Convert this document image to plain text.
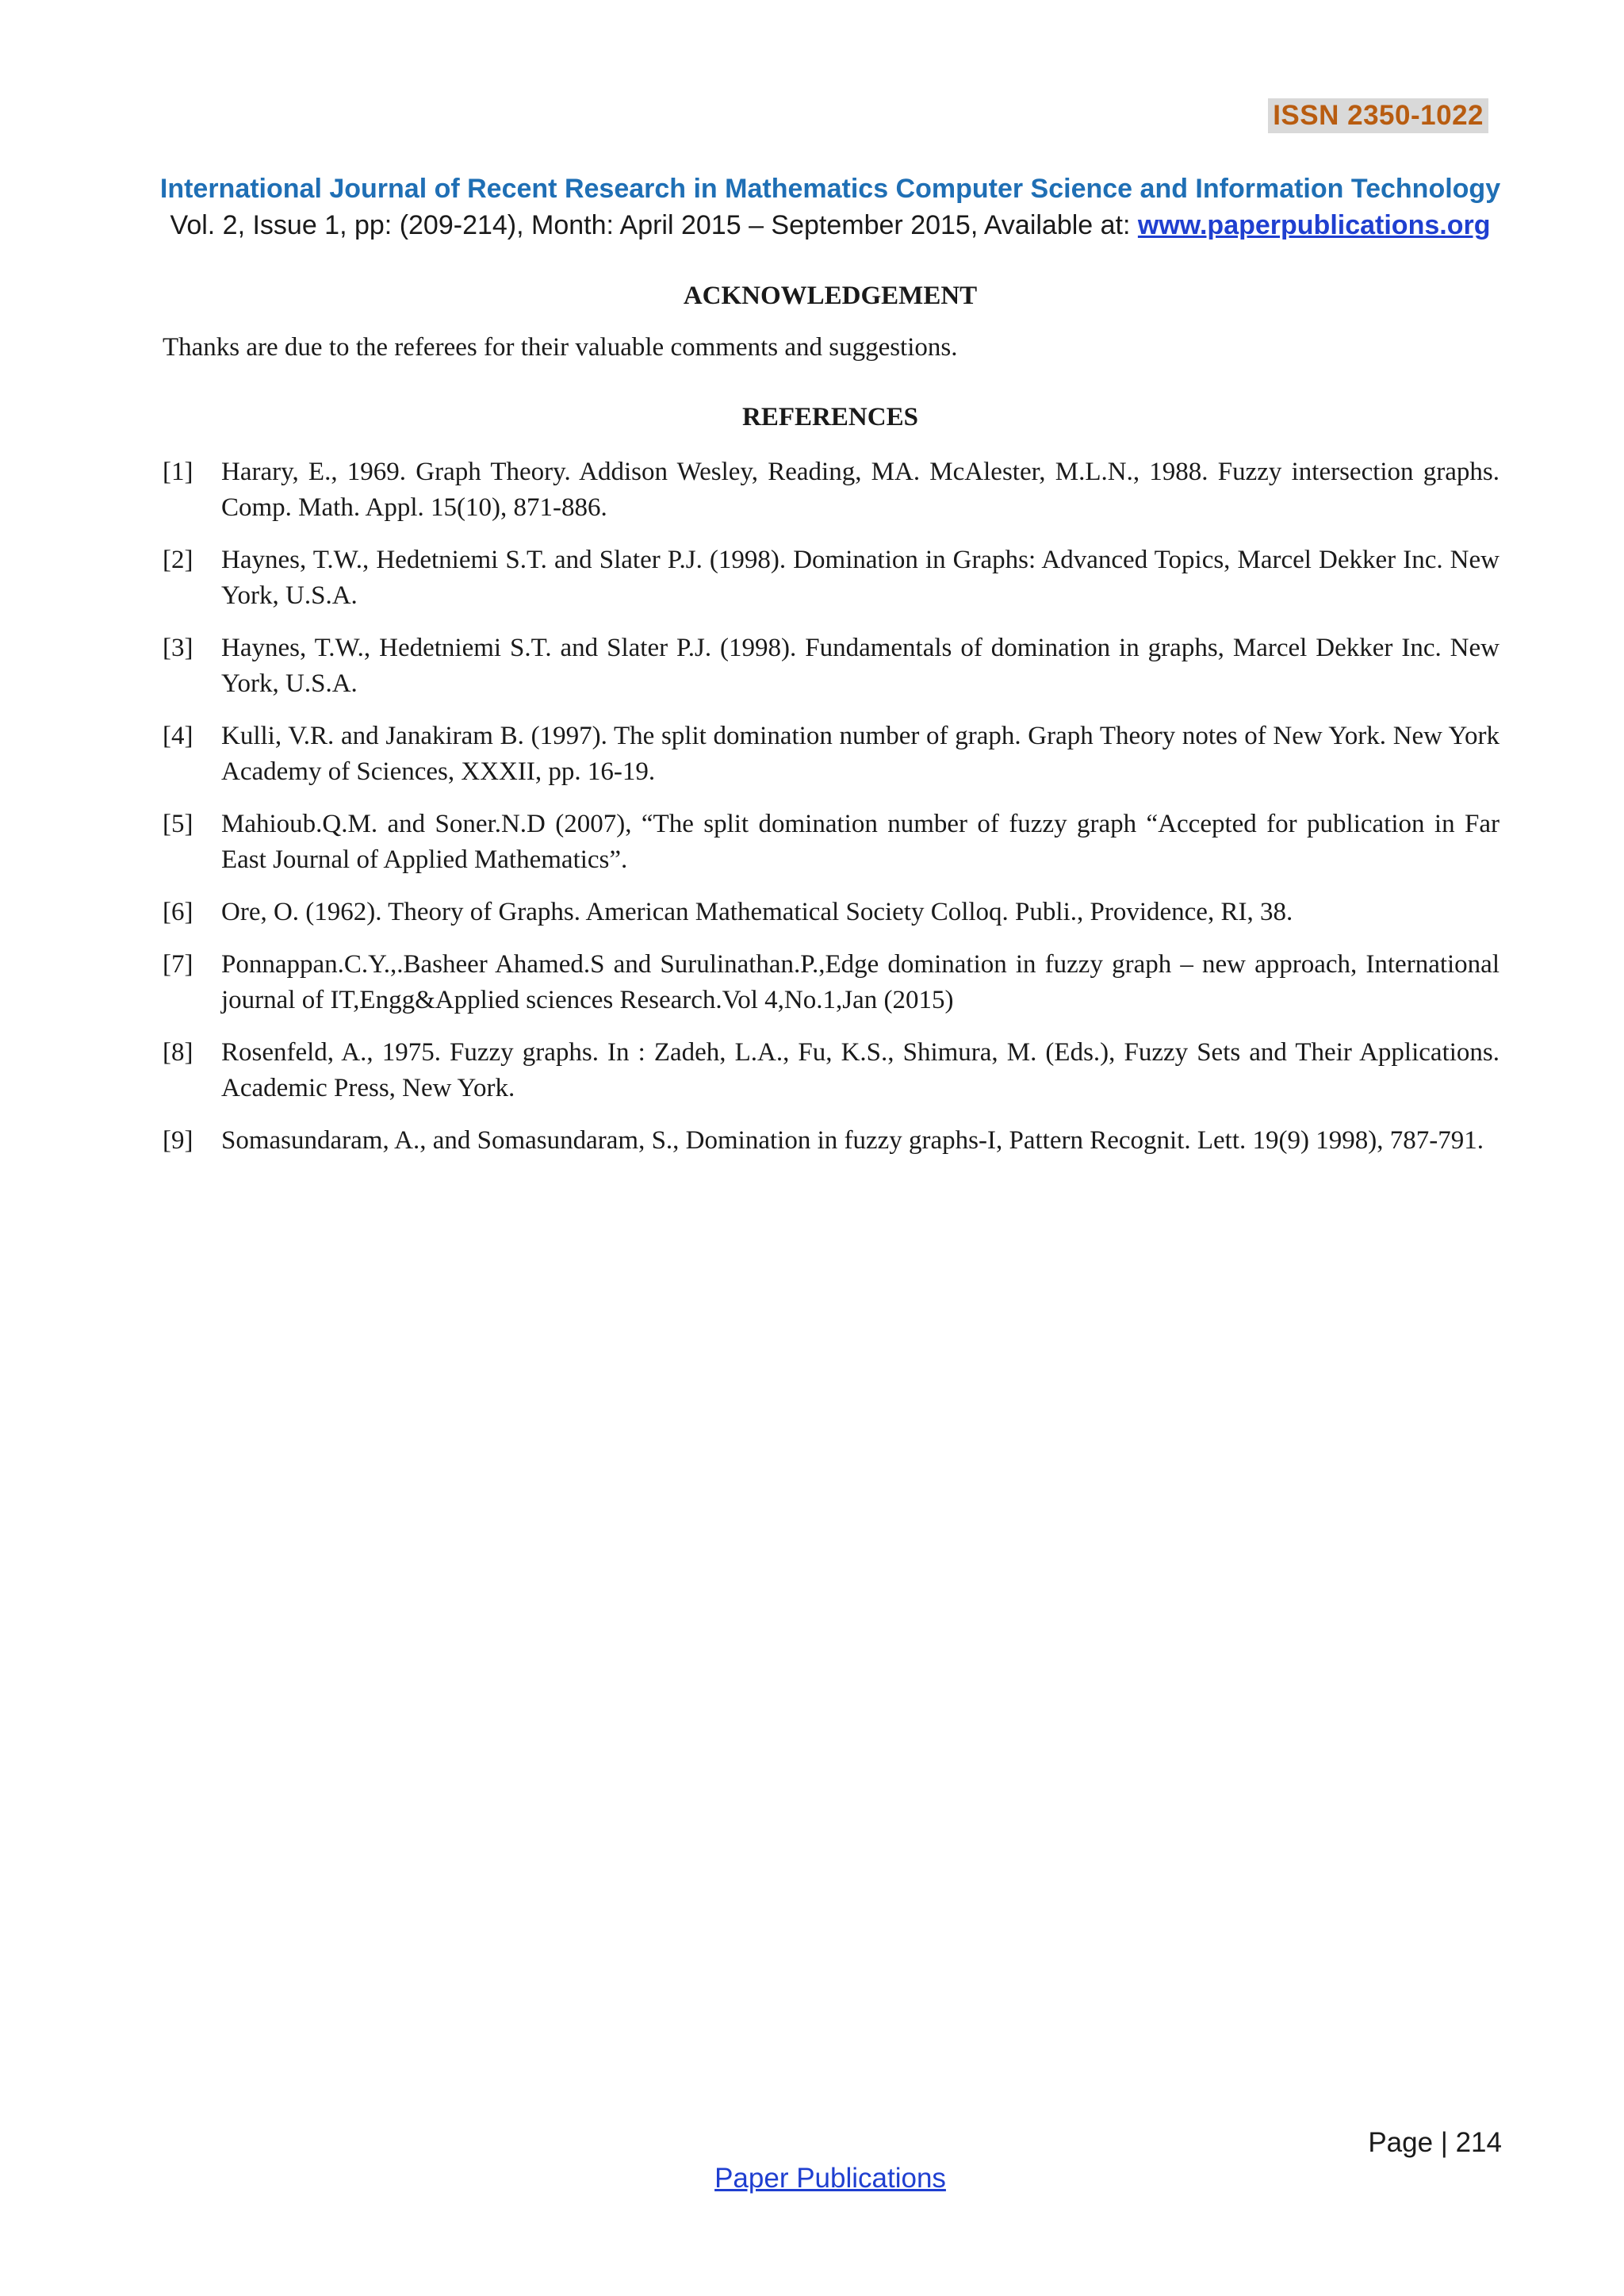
ISSN 2350-1022
International Journal of Recent Research in Mathematics Computer Science and Information Technology
Vol. 2, Issue 1, pp: (209-214), Month: April 2015 – September 2015, Available at: www.paperpublications.org
ACKNOWLEDGEMENT
Thanks are due to the referees for their valuable comments and suggestions.
REFERENCES
[1] Harary, E., 1969. Graph Theory. Addison Wesley, Reading, MA. McAlester, M.L.N., 1988. Fuzzy intersection graphs. Comp. Math. Appl. 15(10), 871-886.
[2] Haynes, T.W., Hedetniemi S.T. and Slater P.J. (1998). Domination in Graphs: Advanced Topics, Marcel Dekker Inc. New York, U.S.A.
[3] Haynes, T.W., Hedetniemi S.T. and Slater P.J. (1998). Fundamentals of domination in graphs, Marcel Dekker Inc. New York, U.S.A.
[4] Kulli, V.R. and Janakiram B. (1997). The split domination number of graph. Graph Theory notes of New York. New York Academy of Sciences, XXXII, pp. 16-19.
[5] Mahioub.Q.M. and Soner.N.D (2007), “The split domination number of fuzzy graph “Accepted for publication in Far East Journal of Applied Mathematics”.
[6] Ore, O. (1962). Theory of Graphs. American Mathematical Society Colloq. Publi., Providence, RI, 38.
[7] Ponnappan.C.Y.,.Basheer Ahamed.S and Surulinathan.P.,Edge domination in fuzzy graph – new approach, International journal of IT,Engg&Applied sciences Research.Vol 4,No.1,Jan (2015)
[8] Rosenfeld, A., 1975. Fuzzy graphs. In : Zadeh, L.A., Fu, K.S., Shimura, M. (Eds.), Fuzzy Sets and Their Applications. Academic Press, New York.
[9] Somasundaram, A., and Somasundaram, S., Domination in fuzzy graphs-I, Pattern Recognit. Lett. 19(9) 1998), 787-791.
Page | 214
Paper Publications
